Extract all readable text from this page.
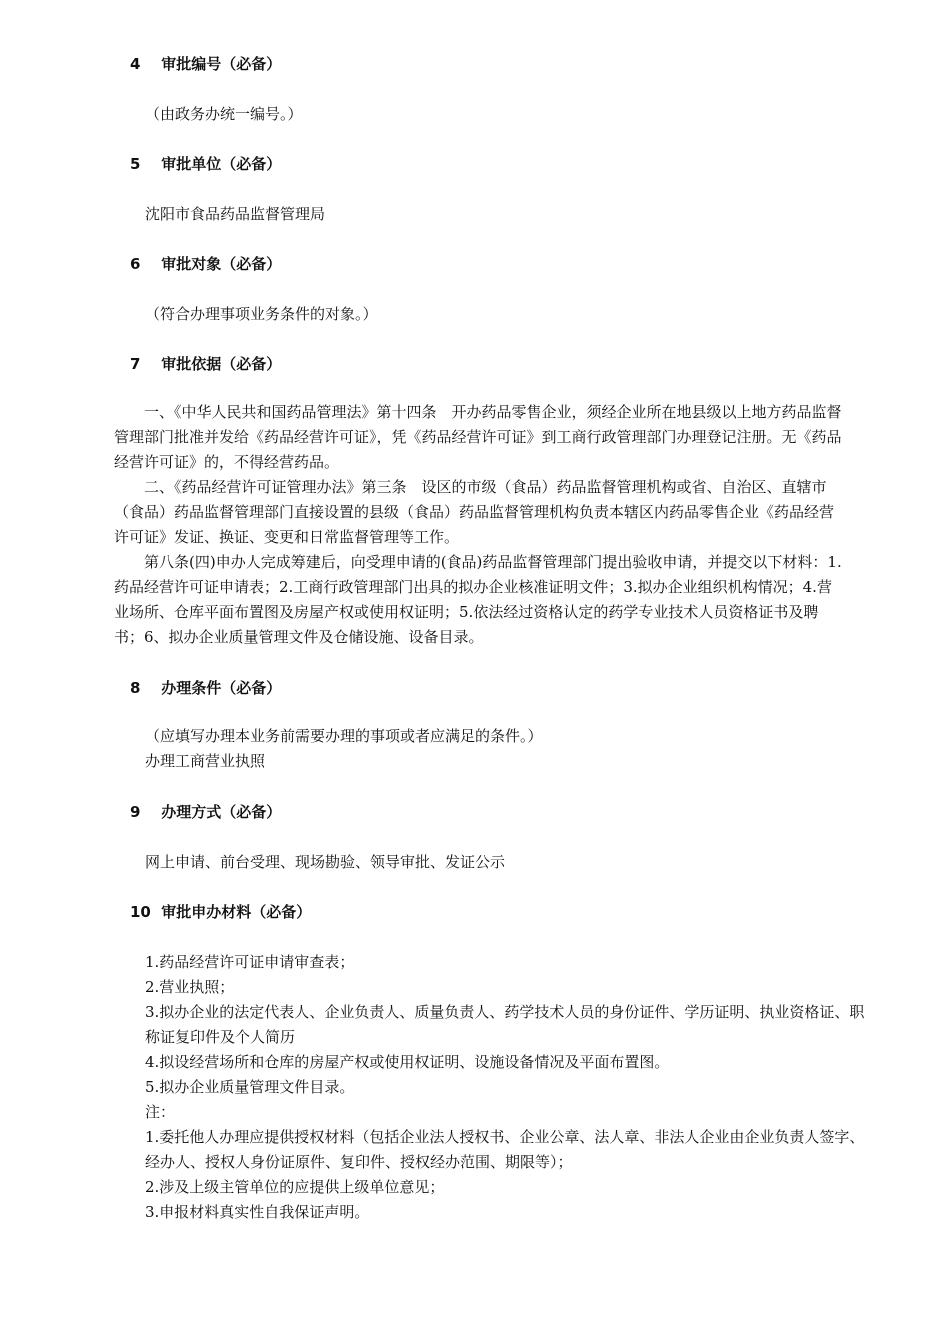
4 审批编号（必备）

（由政务办统一编号。）

5 审批单位（必备）

沈阳市食品药品监督管理局

6 审批对象（必备）

（符合办理事项业务条件的对象。）

7 审批依据（必备）

一、《中华人民共和国药品管理法》第十四条　开办药品零售企业，须经企业所在地县级以上地方药品监督管理部门批准并发给《药品经营许可证》，凭《药品经营许可证》到工商行政管理部门办理登记注册。无《药品经营许可证》的，不得经营药品。

二、《药品经营许可证管理办法》第三条　设区的市级（食品）药品监督管理机构或省、自治区、直辖市（食品）药品监督管理部门直接设置的县级（食品）药品监督管理机构负责本辖区内药品零售企业《药品经营许可证》发证、换证、变更和日常监督管理等工作。

第八条(四)申办人完成筹建后，向受理申请的(食品)药品监督管理部门提出验收申请，并提交以下材料：1.药品经营许可证申请表；2.工商行政管理部门出具的拟办企业核准证明文件；3.拟办企业组织机构情况；4.营业场所、仓库平面布置图及房屋产权或使用权证明；5.依法经过资格认定的药学专业技术人员资格证书及聘书；6、拟办企业质量管理文件及仓储设施、设备目录。

8 办理条件（必备）

（应填写办理本业务前需要办理的事项或者应满足的条件。）

办理工商营业执照

9 办理方式（必备）

网上申请、前台受理、现场勘验、领导审批、发证公示

10 审批申办材料（必备）

1.药品经营许可证申请审查表；

2.营业执照；

3.拟办企业的法定代表人、企业负责人、质量负责人、药学技术人员的身份证件、学历证明、执业资格证、职称证复印件及个人简历

4.拟设经营场所和仓库的房屋产权或使用权证明、设施设备情况及平面布置图。

5.拟办企业质量管理文件目录。

注：

1.委托他人办理应提供授权材料（包括企业法人授权书、企业公章、法人章、非法人企业由企业负责人签字、经办人、授权人身份证原件、复印件、授权经办范围、期限等）；

2.涉及上级主管单位的应提供上级单位意见；

3.申报材料真实性自我保证声明。
